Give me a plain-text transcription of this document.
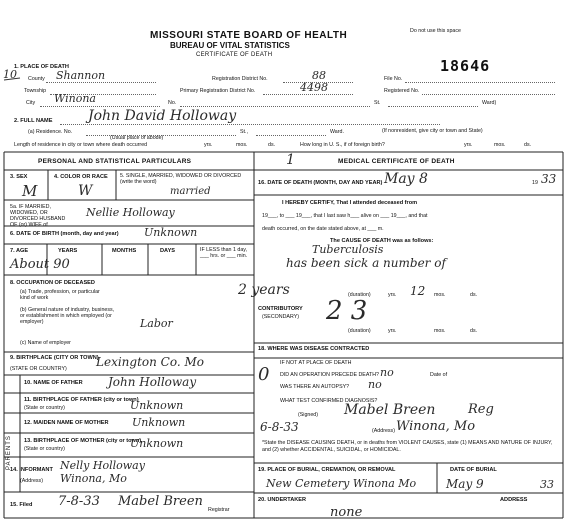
Do not use this space
MISSOURI STATE BOARD OF HEALTH
BUREAU OF VITAL STATISTICS
CERTIFICATE OF DEATH
18646
10
1. PLACE OF DEATH
County Shannon	Registration District No.	88	File No.
Township	Primary Registration District No.	4498	Registered No.
City Winona	No.	St.	Ward)
2. FULL NAME	John David Holloway
(a) Residence. No.	St.,	Ward.	(If nonresident, give city or town and State)
(Usual place of abode)
Length of residence in city or town where death occurred	yrs.	mos.	ds.	How long in U. S., if of foreign birth?	yrs.	mos.	ds.
PERSONAL AND STATISTICAL PARTICULARS	MEDICAL CERTIFICATE OF DEATH
1
3. SEX
M
4. COLOR OR RACE
W
5. SINGLE, MARRIED, WIDOWED OR DIVORCED (write the word)
married
5a. IF MARRIED, WIDOWED, OR DIVORCED HUSBAND OF (or) WIFE of
Nellie Holloway
6. DATE OF BIRTH (month, day and year) Unknown
7. AGE	YEARS	MONTHS	DAYS	IF LESS than 1 day, ___ hrs. or ___ min.
About 90
8. OCCUPATION OF DECEASED
(a) Trade, profession, or particular kind of work
(b) General nature of industry, business, or establishment in which employed (or employer)
(c) Name of employer
Labor
9. BIRTHPLACE (CITY OR TOWN)
(STATE OR COUNTRY) Lexington Co. Mo
PARENTS
10. NAME OF FATHER John Holloway
11. BIRTHPLACE OF FATHER (city or town)
(State or country)	Unknown
12. MAIDEN NAME OF MOTHER Unknown
13. BIRTHPLACE OF MOTHER (city or town)
(State or country)	Unknown
14. INFORMANT Nelly Holloway
(Address) Winona, Mo
15. Filed 7-8-33 Mabel Breen
Registrar
16. DATE OF DEATH (MONTH, DAY AND YEAR) May 8	19 33
I HEREBY CERTIFY, That I attended deceased from
19___, to ___ 19___, that I last saw h___ alive on ___ 19___, and that
death occurred, on the date stated above, at ___ m.
The CAUSE OF DEATH was as follows:
Tuberculosis
has been sick a number of
2 years	(duration)	yrs. 12 mos.	ds.
CONTRIBUTORY
(SECONDARY) 2 3
(duration)	yrs.	mos.	ds.
18. WHERE WAS DISEASE CONTRACTED
IF NOT AT PLACE OF DEATH
DID AN OPERATION PRECEDE DEATH? no	Date of
0
WAS THERE AN AUTOPSY? no
WHAT TEST CONFIRMED DIAGNOSIS?
(Signed) Mabel Breen	Reg
6-8-33	(Address) Winona, Mo
*State the DISEASE CAUSING DEATH, or in deaths from VIOLENT CAUSES, state (1) MEANS AND NATURE OF INJURY, and (2) whether ACCIDENTAL, SUICIDAL, or HOMICIDAL.
19. PLACE OF BURIAL, CREMATION, OR REMOVAL
New Cemetery Winona Mo
DATE OF BURIAL
May 9	33
20. UNDERTAKER	ADDRESS
none
